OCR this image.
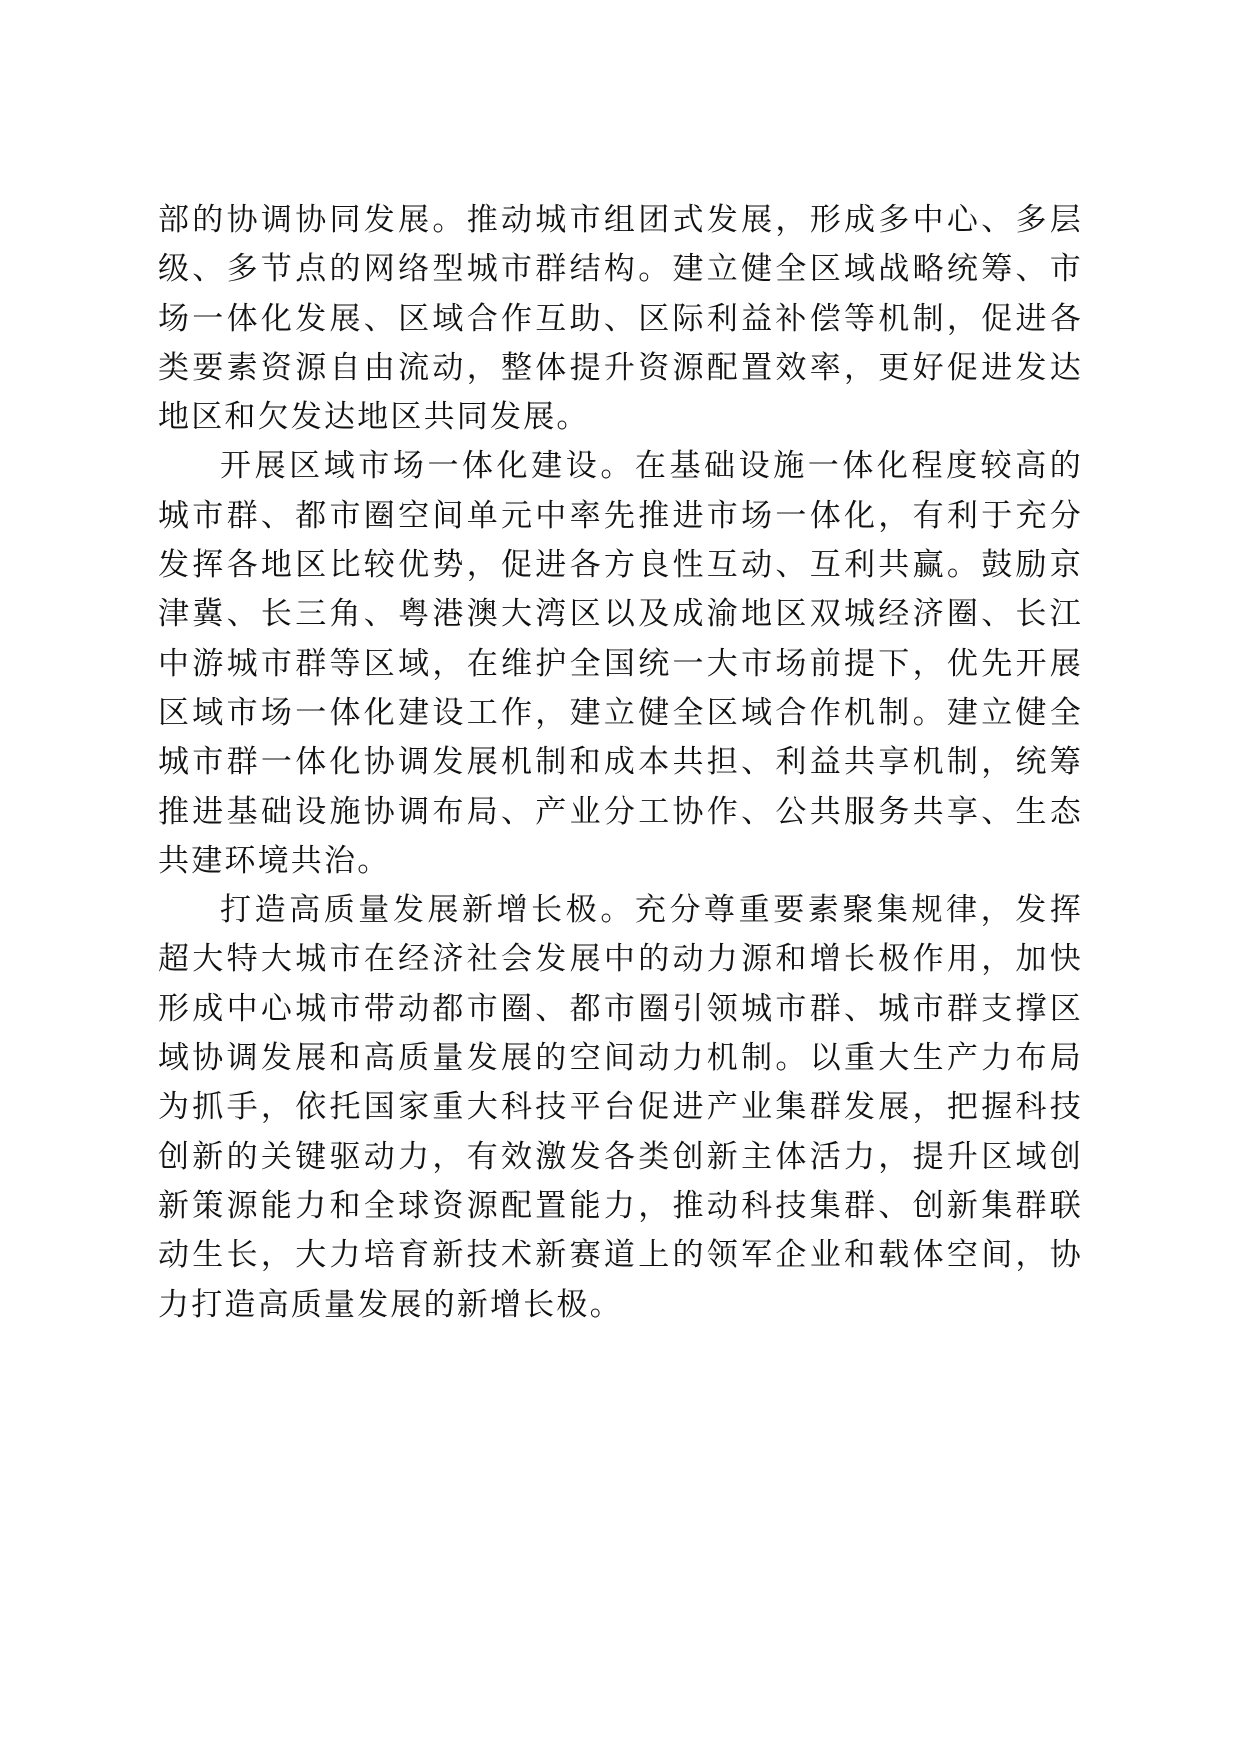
部的协调协同发展。推动城市组团式发展，形成多中心、多层级、多节点的网络型城市群结构。建立健全区域战略统筹、市场一体化发展、区域合作互助、区际利益补偿等机制，促进各类要素资源自由流动，整体提升资源配置效率，更好促进发达地区和欠发达地区共同发展。

开展区域市场一体化建设。在基础设施一体化程度较高的城市群、都市圈空间单元中率先推进市场一体化，有利于充分发挥各地区比较优势，促进各方良性互动、互利共赢。鼓励京津冀、长三角、粤港澳大湾区以及成渝地区双城经济圈、长江中游城市群等区域，在维护全国统一大市场前提下，优先开展区域市场一体化建设工作，建立健全区域合作机制。建立健全城市群一体化协调发展机制和成本共担、利益共享机制，统筹推进基础设施协调布局、产业分工协作、公共服务共享、生态共建环境共治。

打造高质量发展新增长极。充分尊重要素聚集规律，发挥超大特大城市在经济社会发展中的动力源和增长极作用，加快形成中心城市带动都市圈、都市圈引领城市群、城市群支撑区域协调发展和高质量发展的空间动力机制。以重大生产力布局为抓手，依托国家重大科技平台促进产业集群发展，把握科技创新的关键驱动力，有效激发各类创新主体活力，提升区域创新策源能力和全球资源配置能力，推动科技集群、创新集群联动生长，大力培育新技术新赛道上的领军企业和载体空间，协力打造高质量发展的新增长极。
